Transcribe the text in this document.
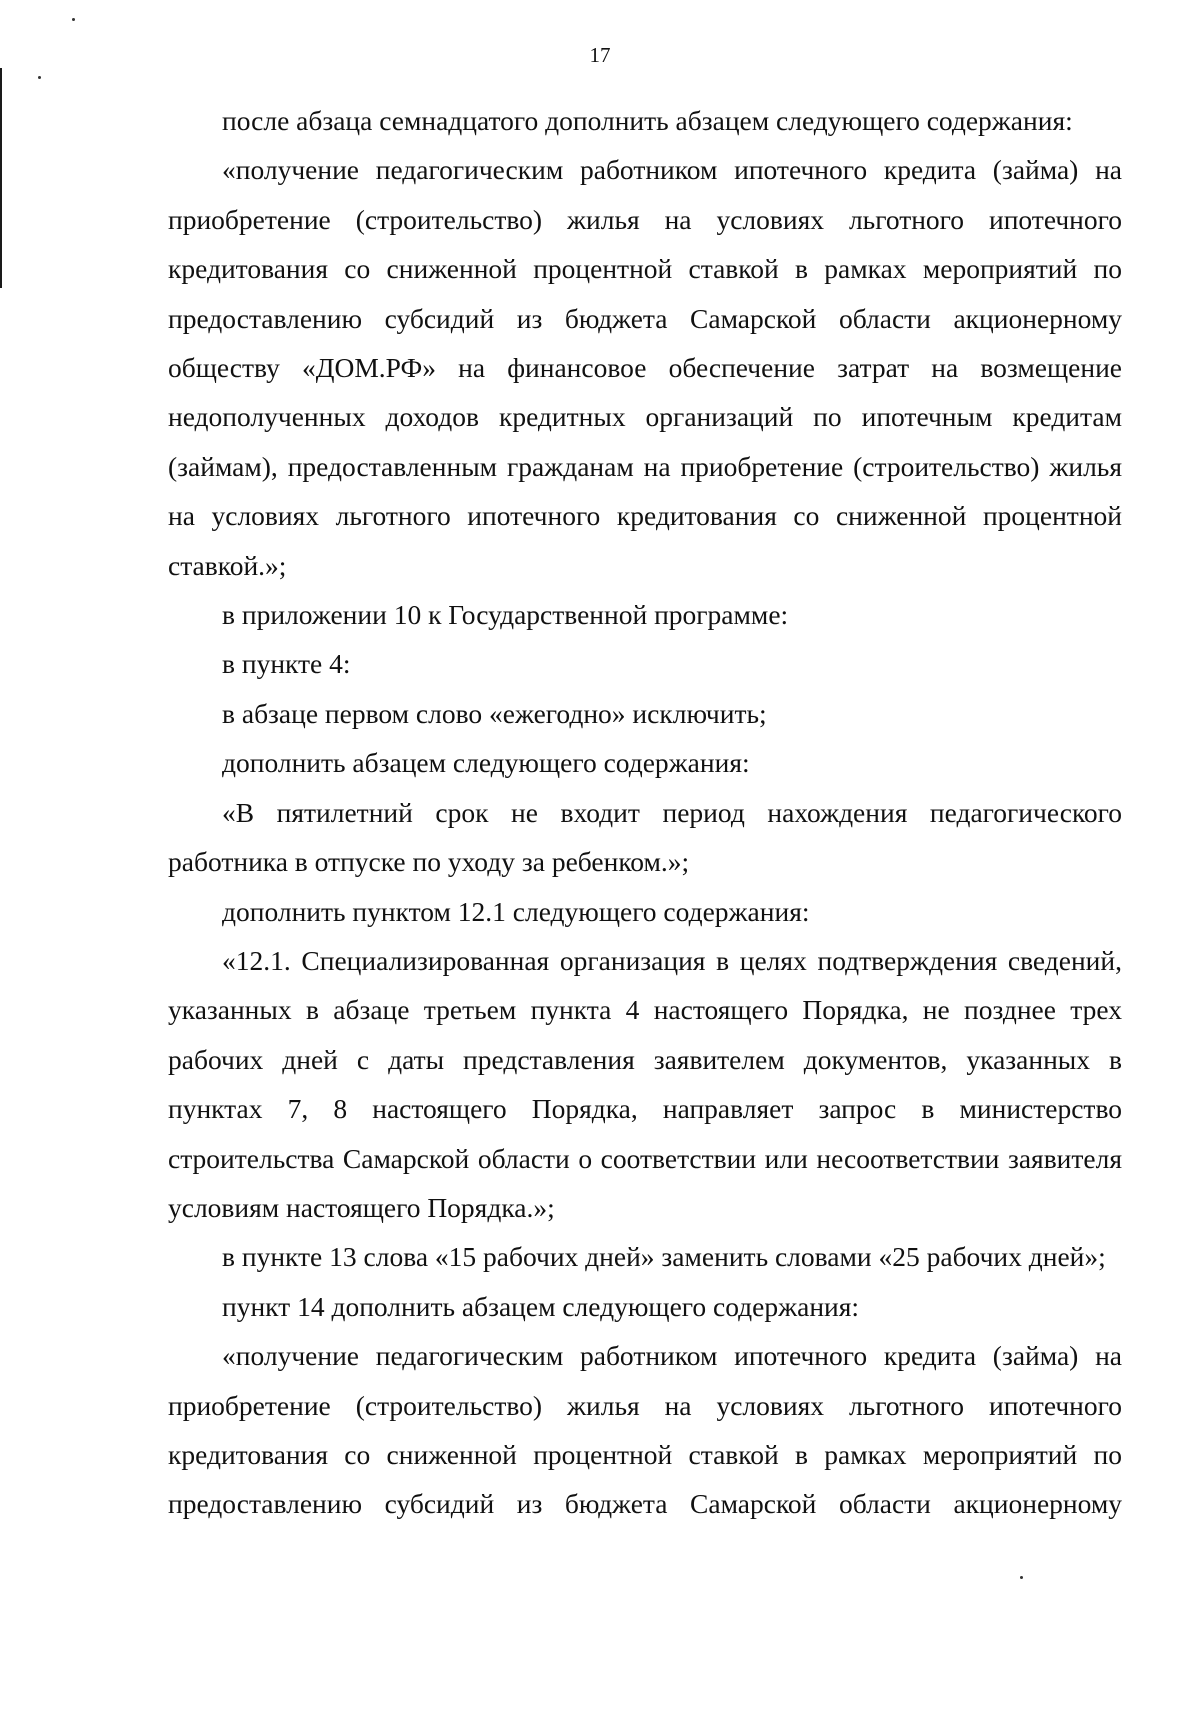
17

после абзаца семнадцатого дополнить абзацем следующего содержания:

«получение педагогическим работником ипотечного кредита (займа) на приобретение (строительство) жилья на условиях льготного ипотечного кредитования со сниженной процентной ставкой в рамках мероприятий по предоставлению субсидий из бюджета Самарской области акционерному обществу «ДОМ.РФ» на финансовое обеспечение затрат на возмещение недополученных доходов кредитных организаций по ипотечным кредитам (займам), предоставленным гражданам на приобретение (строительство) жилья на условиях льготного ипотечного кредитования со сниженной процентной ставкой.»;

в приложении 10 к Государственной программе:

в пункте 4:

в абзаце первом слово «ежегодно» исключить;

дополнить абзацем следующего содержания:

«В пятилетний срок не входит период нахождения педагогического работника в отпуске по уходу за ребенком.»;

дополнить пунктом 12.1 следующего содержания:

«12.1. Специализированная организация в целях подтверждения сведений, указанных в абзаце третьем пункта 4 настоящего Порядка, не позднее трех рабочих дней с даты представления заявителем документов, указанных в пунктах 7, 8 настоящего Порядка, направляет запрос в министерство строительства Самарской области о соответствии или несоответствии заявителя условиям настоящего Порядка.»;

в пункте 13 слова «15 рабочих дней» заменить словами «25 рабочих дней»;

пункт 14 дополнить абзацем следующего содержания:

«получение педагогическим работником ипотечного кредита (займа) на приобретение (строительство) жилья на условиях льготного ипотечного кредитования со сниженной процентной ставкой в рамках мероприятий по предоставлению субсидий из бюджета Самарской области акционерному
